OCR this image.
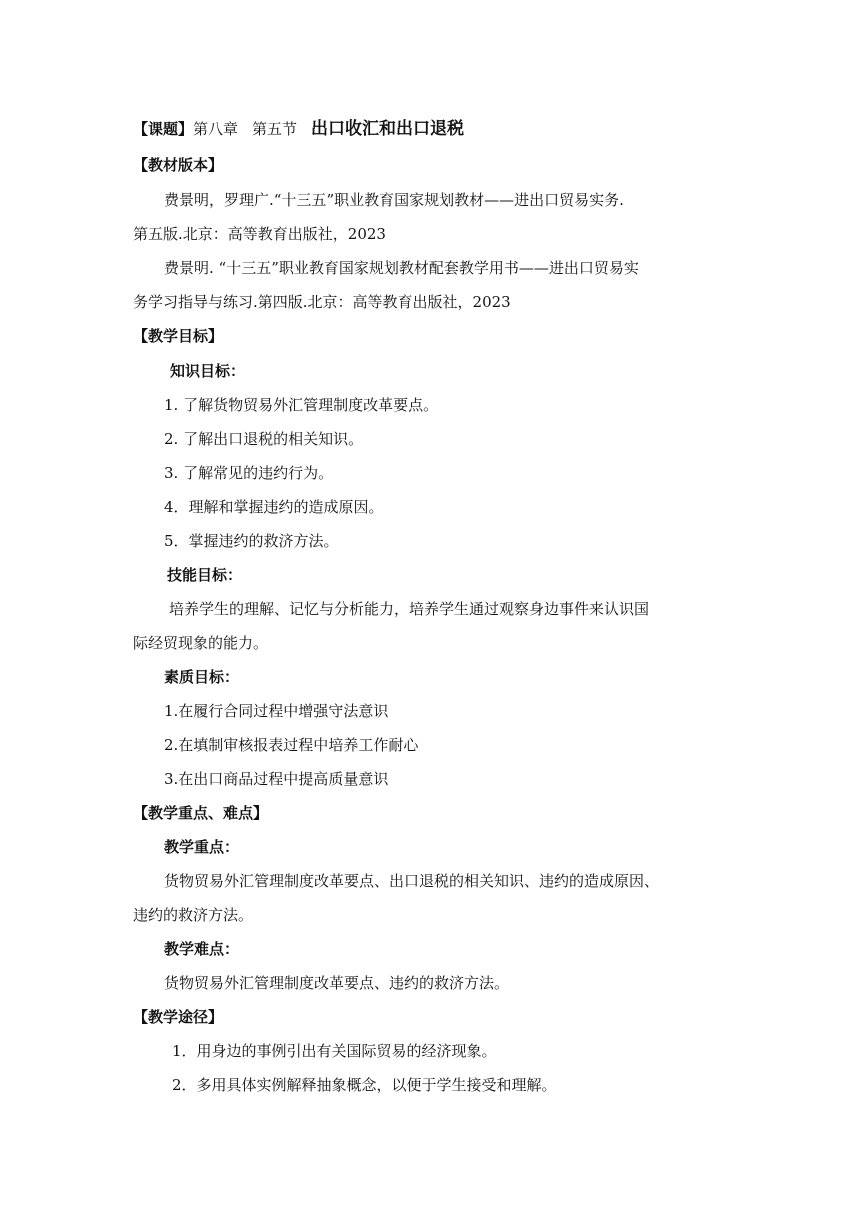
【课题】第八章 第五节 出口收汇和出口退税
【教材版本】
费景明，罗理广.“十三五”职业教育国家规划教材——进出口贸易实务.
第五版.北京：高等教育出版社，2023
费景明. “十三五”职业教育国家规划教材配套教学用书——进出口贸易实
务学习指导与练习.第四版.北京：高等教育出版社，2023
【教学目标】
知识目标：
1. 了解货物贸易外汇管理制度改革要点。
2. 了解出口退税的相关知识。
3. 了解常见的违约行为。
4．理解和掌握违约的造成原因。
5．掌握违约的救济方法。
技能目标：
培养学生的理解、记忆与分析能力，培养学生通过观察身边事件来认识国
际经贸现象的能力。
素质目标：
1.在履行合同过程中增强守法意识
2.在填制审核报表过程中培养工作耐心
3.在出口商品过程中提高质量意识
【教学重点、难点】
教学重点：
货物贸易外汇管理制度改革要点、出口退税的相关知识、违约的造成原因、
违约的救济方法。
教学难点：
货物贸易外汇管理制度改革要点、违约的救济方法。
【教学途径】
1．用身边的事例引出有关国际贸易的经济现象。
2．多用具体实例解释抽象概念，以便于学生接受和理解。
